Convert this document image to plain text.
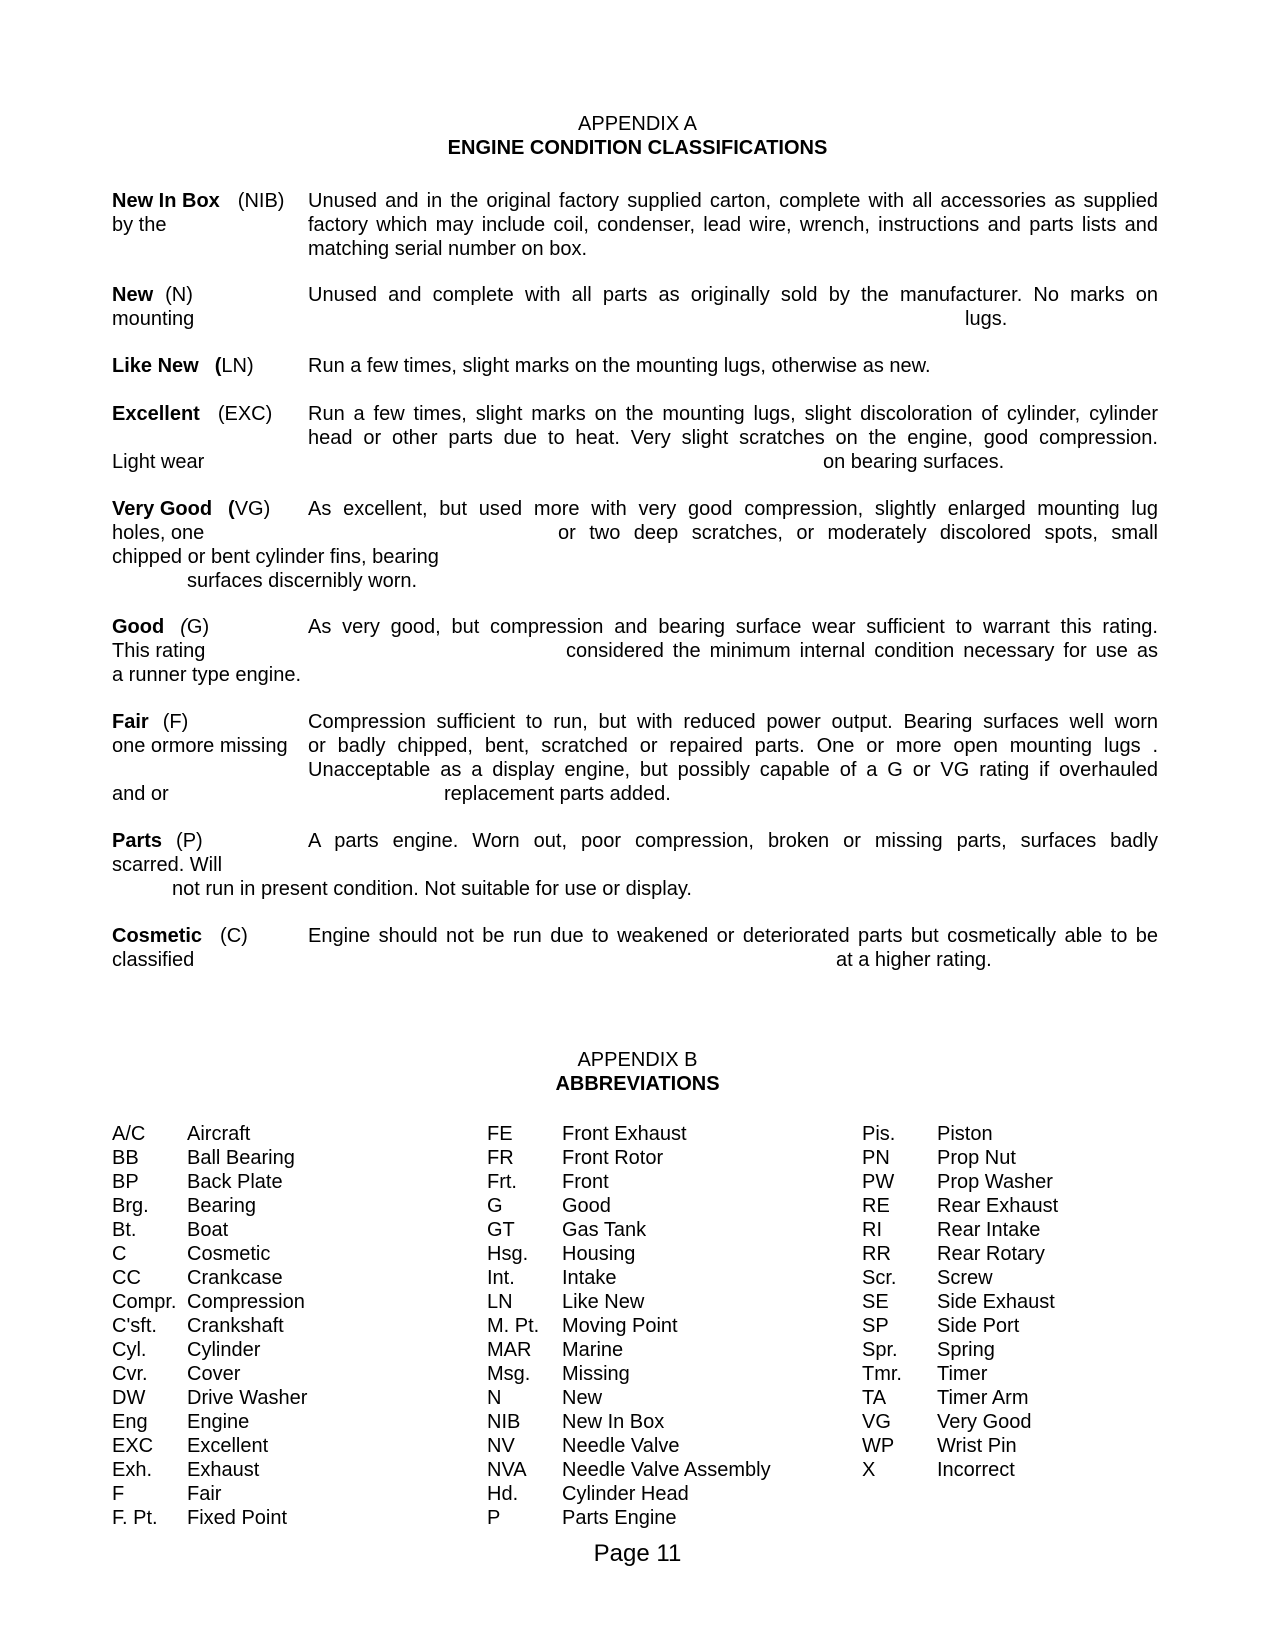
APPENDIX A
ENGINE CONDITION CLASSIFICATIONS
New In Box (NIB) Unused and in the original factory supplied carton, complete with all accessories as supplied
by the	factory which may include coil, condenser, lead wire, wrench, instructions and parts lists and
matching serial number on box.
New (N)	Unused and complete with all parts as originally sold by the manufacturer. No marks on
mounting	lugs.
Like New (LN)	Run a few times, slight marks on the mounting lugs, otherwise as new.
Excellent (EXC) Run a few times, slight marks on the mounting lugs, slight discoloration of cylinder, cylinder
head or other parts due to heat. Very slight scratches on the engine, good compression.
Light wear	on bearing surfaces.
Very Good (VG) As excellent, but used more with very good compression, slightly enlarged mounting lug
holes, one	or two deep scratches, or moderately discolored spots, small
chipped or bent cylinder fins, bearing
surfaces discernibly worn.
Good (G)	As very good, but compression and bearing surface wear sufficient to warrant this rating.
This rating	considered the minimum internal condition necessary for use as
a runner type engine.
Fair (F)	Compression sufficient to run, but with reduced power output. Bearing surfaces well worn
one ormore missing or badly chipped, bent, scratched or repaired parts. One or more open mounting lugs .
Unacceptable as a display engine, but possibly capable of a G or VG rating if overhauled
and or	replacement parts added.
Parts (P)	A parts engine. Worn out, poor compression, broken or missing parts, surfaces badly
scarred. Will
not run in present condition. Not suitable for use or display.
Cosmetic (C)	Engine should not be run due to weakened or deteriorated parts but cosmetically able to be
classified	at a higher rating.
APPENDIX B
ABBREVIATIONS
A/C Aircraft
BB Ball Bearing
BP Back Plate
Brg. Bearing
Bt.	Boat
C	Cosmetic
CC Crankcase
Compr. Compression
C'sft. Crankshaft
Cyl. Cylinder
Cvr. Cover
DW Drive Washer
Eng Engine
EXC Excellent
Exh. Exhaust
F	Fair
F. Pt. Fixed Point
FE Front Exhaust
FR Front Rotor
Frt. Front
G	Good
GT Gas Tank
Hsg. Housing
Int. Intake
LN Like New
M. Pt. Moving Point
MAR Marine
Msg. Missing
N	New
NIB New In Box
NV Needle Valve
NVA Needle Valve Assembly
Hd. Cylinder Head
P	Parts Engine
Pis. Piston
PN Prop Nut
PW Prop Washer
RE Rear Exhaust
RI	Rear Intake
RR Rear Rotary
Scr. Screw
SE Side Exhaust
SP Side Port
Spr. Spring
Tmr. Timer
TA	Timer Arm
VG Very Good
WP Wrist Pin
X	Incorrect
Page 11
